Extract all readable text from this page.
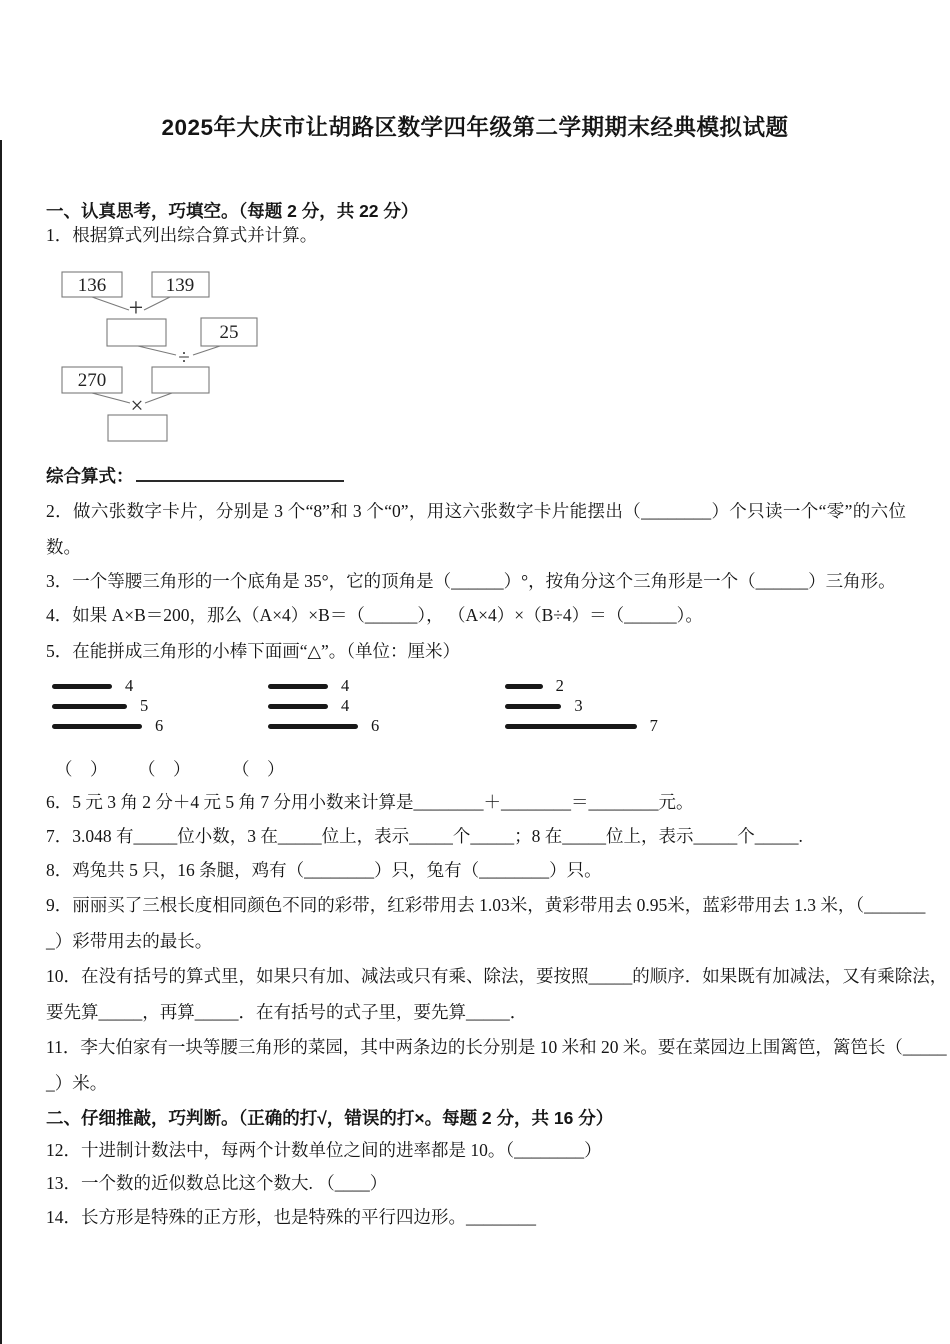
2025年大庆市让胡路区数学四年级第二学期期末经典模拟试题
一、认真思考，巧填空。（每题 2 分，共 22 分）
1．根据算式列出综合算式并计算。
136	139
25
270
+
÷
×
综合算式：
2．做六张数字卡片，分别是 3 个“8”和 3 个“0”，用这六张数字卡片能摆出（________）个只读一个“零”的六位
数。
3．一个等腰三角形的一个底角是 35°，它的顶角是（______）°，按角分这个三角形是一个（______）三角形。
4．如果 A×B＝200，那么（A×4）×B＝（______）， （A×4）×（B÷4）＝（______）。
5．在能拼成三角形的小棒下面画“△”。（单位：厘米）
4
5
6
4
4
6
2
3
7
（　） （　） （　）
6．5 元 3 角 2 分＋4 元 5 角 7 分用小数来计算是________＋________＝________元。
7．3.048 有_____位小数，3 在_____位上，表示_____个_____；8 在_____位上，表示_____个_____.
8．鸡兔共 5 只，16 条腿，鸡有（________）只，兔有（________）只。
9．丽丽买了三根长度相同颜色不同的彩带，红彩带用去 1.03米，黄彩带用去 0.95米，蓝彩带用去 1.3 米，（_______
_）彩带用去的最长。
10．在没有括号的算式里，如果只有加、减法或只有乘、除法，要按照_____的顺序．如果既有加减法，又有乘除法，
要先算_____，再算_____．在有括号的式子里，要先算_____．
11．李大伯家有一块等腰三角形的菜园，其中两条边的长分别是 10 米和 20 米。要在菜园边上围篱笆，篱笆长（_____
_）米。
二、仔细推敲，巧判断。（正确的打√，错误的打×。每题 2 分，共 16 分）
12．十进制计数法中，每两个计数单位之间的进率都是 10。（________）
13．一个数的近似数总比这个数大. （____）
14．长方形是特殊的正方形，也是特殊的平行四边形。________
